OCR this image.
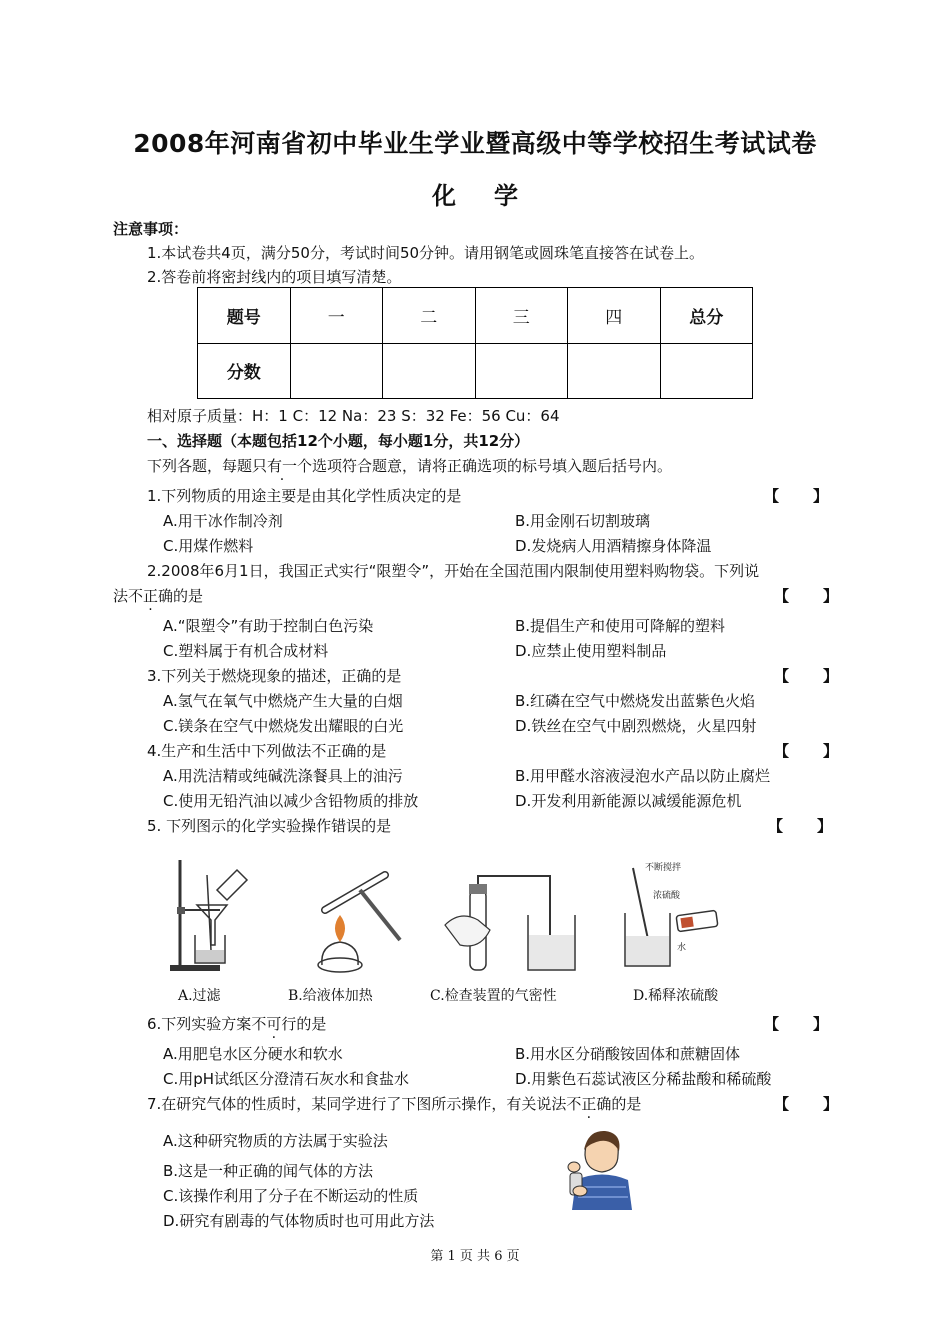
2008年河南省初中毕业生学业暨高级中等学校招生考试试卷
化学
注意事项：
1.本试卷共4页，满分50分，考试时间50分钟。请用钢笔或圆珠笔直接答在试卷上。
2.答卷前将密封线内的项目填写清楚。
题号	一	二	三	四	总分
分数					
相对原子质量：H：1 C：12 Na：23 S：32 Fe：56 Cu：64
一、选择题（本题包括12个小题，每小题1分，共12分）
下列各题，每题只有一个选项符合题意，请将正确选项的标号填入题后括号内。
1.下列物质的用途主要是由其化学性质决定的是	【】
A.用干冰作制冷剂	B.用金刚石切割玻璃
C.用煤作燃料	D.发烧病人用酒精擦身体降温
2.2008年6月1日，我国正式实行“限塑令”，开始在全国范围内限制使用塑料购物袋。下列说
法不正确的是	【】
A.“限塑令”有助于控制白色污染	B.提倡生产和使用可降解的塑料
C.塑料属于有机合成材料	D.应禁止使用塑料制品
3.下列关于燃烧现象的描述，正确的是	【】
A.氢气在氧气中燃烧产生大量的白烟	B.红磷在空气中燃烧发出蓝紫色火焰
C.镁条在空气中燃烧发出耀眼的白光	D.铁丝在空气中剧烈燃烧，火星四射
4.生产和生活中下列做法不正确的是	【】
A.用洗洁精或纯碱洗涤餐具上的油污	B.用甲醛水溶液浸泡水产品以防止腐烂
C.使用无铅汽油以减少含铅物质的排放	D.开发利用新能源以减缓能源危机
5. 下列图示的化学实验操作错误的是	【】
不断搅拌
浓硫酸
水
A.过滤	B.给液体加热	C.检查装置的气密性	D.稀释浓硫酸
6.下列实验方案不可行的是	【】
A.用肥皂水区分硬水和软水	B.用水区分硝酸铵固体和蔗糖固体
C.用pH试纸区分澄清石灰水和食盐水	D.用紫色石蕊试液区分稀盐酸和稀硫酸
7.在研究气体的性质时，某同学进行了下图所示操作，有关说法不正确的是	【】
A.这种研究物质的方法属于实验法
B.这是一种正确的闻气体的方法
C.该操作利用了分子在不断运动的性质
D.研究有剧毒的气体物质时也可用此方法
第 1 页 共 6 页
